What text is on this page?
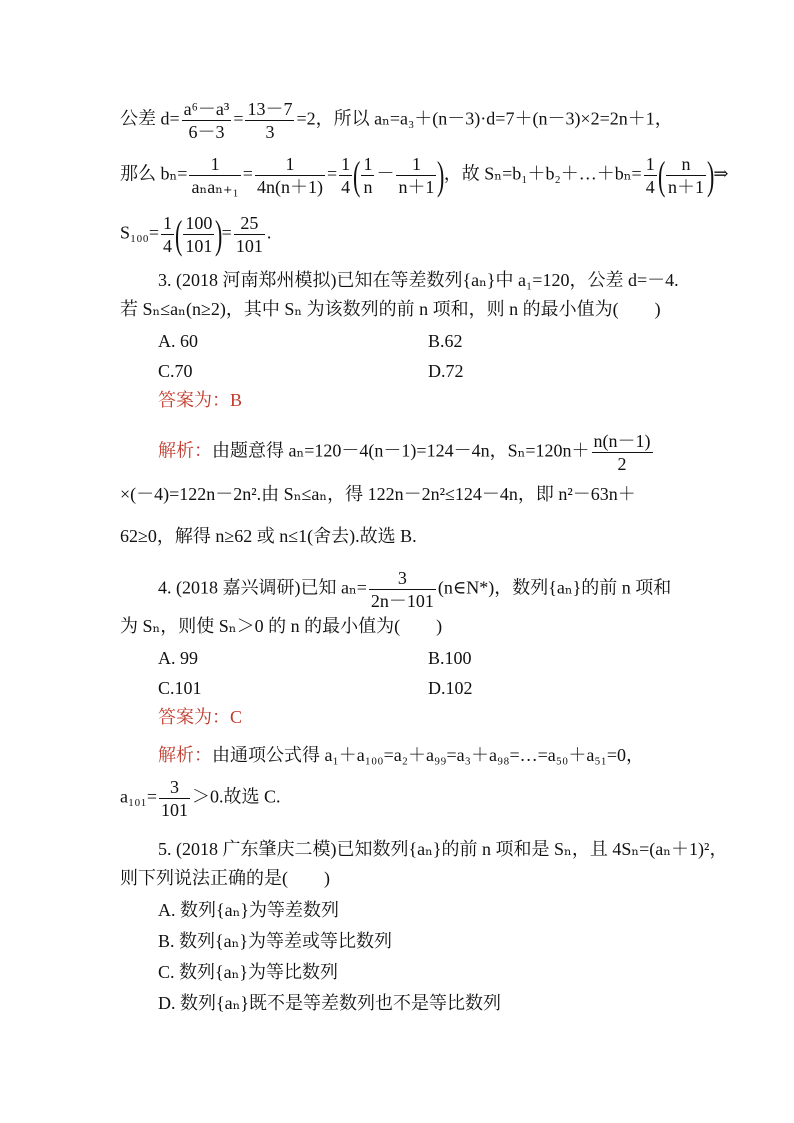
公差 $d= \frac{\text{a⁶－a³}}{6-3} = \frac{13-7}{3} =2$，所以 aₙ=a₃＋(n－3)·d=7＋(n－3)×2=2n＋1，
那么 $b_n= \frac{1}{\text{aₙaₙ₊₁}} = \frac{1}{4n(n+1)} = \frac{1}{4}$ ( $\frac{1}{n} - \frac{1}{n+1}$ )，故 Sₙ=b₁＋b₂＋…＋bₙ= $\frac{1}{4}$ ( $\frac{n}{n+1}$ )⇒
$S_{100}= \frac{1}{4}$ ( $\frac{100}{101}$ )= $\frac{25}{101}$ .
3. (2018 河南郑州模拟)已知在等差数列{aₙ}中 a₁=120，公差 d=－4.
若 Sₙ≤aₙ(n≥2)，其中 Sₙ 为该数列的前 n 项和，则 n 的最小值为(　　)
A. 60	B.62
C.70	D.72
答案为：B
解析：由题意得 aₙ=120－4(n－1)=124－4n，$S_n=120n+ \frac{n(n-1)}{2}$
×(－4)=122n－2n².由 Sₙ≤aₙ，得 122n－2n²≤124－4n，即 n²－63n＋
62≥0，解得 n≥62 或 n≤1(舍去).故选 B.
4. (2018 嘉兴调研)已知 $a_n= \frac{3}{2n-101}$ (n∈N*)，数列{aₙ}的前 n 项和
为 Sₙ，则使 Sₙ＞0 的 n 的最小值为(　　)
A. 99	B.100
C.101	D.102
答案为：C
解析：由通项公式得 a₁＋a₁₀₀=a₂＋a₉₉=a₃＋a₉₈=…=a₅₀＋a₅₁=0，
$a_{101}= \frac{3}{101} >0$.故选 C.
5. (2018 广东肇庆二模)已知数列{aₙ}的前 n 项和是 Sₙ，且 4Sₙ=(aₙ＋1)²，
则下列说法正确的是(　　)
A. 数列{aₙ}为等差数列
B. 数列{aₙ}为等差或等比数列
C. 数列{aₙ}为等比数列
D. 数列{aₙ}既不是等差数列也不是等比数列
